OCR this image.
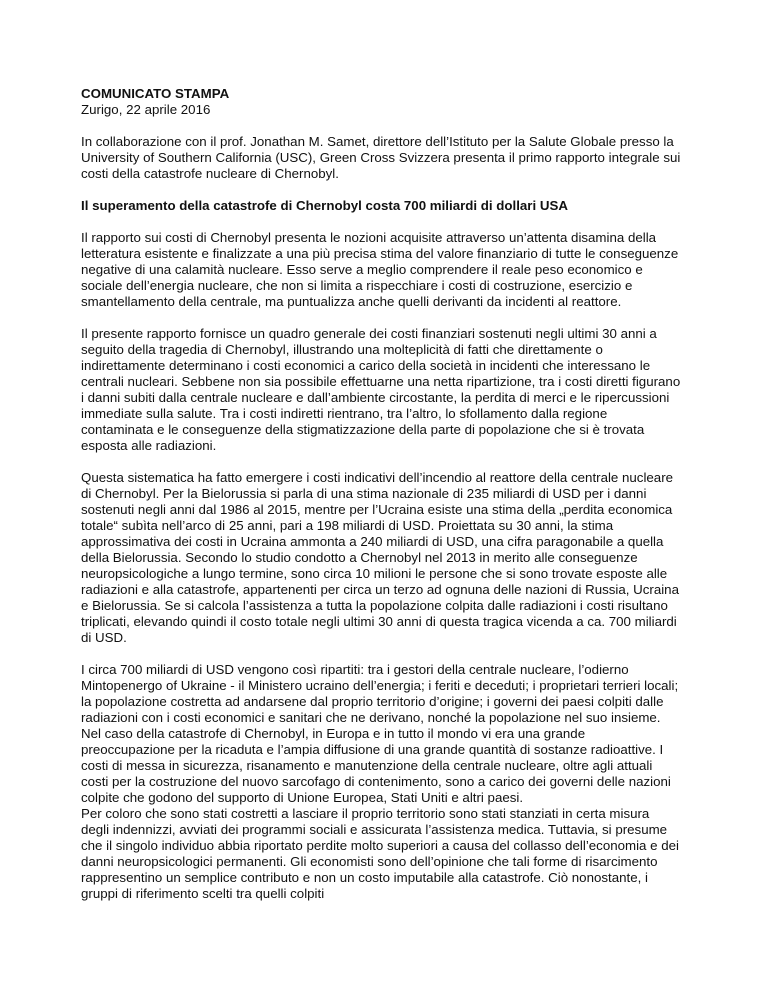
COMUNICATO STAMPA

Zurigo, 22 aprile 2016

In collaborazione con il prof. Jonathan M. Samet, direttore dell’Istituto per la Salute Globale presso la University of Southern California (USC), Green Cross Svizzera presenta il primo rapporto integrale sui costi della catastrofe nucleare di Chernobyl.

Il superamento della catastrofe di Chernobyl costa 700 miliardi di dollari USA

Il rapporto sui costi di Chernobyl presenta le nozioni acquisite attraverso un’attenta disamina della letteratura esistente e finalizzate a una più precisa stima del valore finanziario di tutte le conseguenze negative di una calamità nucleare. Esso serve a meglio comprendere il reale peso economico e sociale dell’energia nucleare, che non si limita a rispecchiare i costi di costruzione, esercizio e smantellamento della centrale, ma puntualizza anche quelli derivanti da incidenti al reattore.

Il presente rapporto fornisce un quadro generale dei costi finanziari sostenuti negli ultimi 30 anni a seguito della tragedia di Chernobyl, illustrando una molteplicità di fatti che direttamente o indirettamente determinano i costi economici a carico della società in incidenti che interessano le centrali nucleari. Sebbene non sia possibile effettuarne una netta ripartizione, tra i costi diretti figurano i danni subiti dalla centrale nucleare e dall’ambiente circostante, la perdita di merci e le ripercussioni immediate sulla salute. Tra i costi indiretti rientrano, tra l’altro, lo sfollamento dalla regione contaminata e le conseguenze della stigmatizzazione della parte di popolazione che si è trovata esposta alle radiazioni.

Questa sistematica ha fatto emergere i costi indicativi dell’incendio al reattore della centrale nucleare di Chernobyl. Per la Bielorussia si parla di una stima nazionale di 235 miliardi di USD per i danni sostenuti negli anni dal 1986 al 2015, mentre per l’Ucraina esiste una stima della „perdita economica totale“ subìta nell’arco di 25 anni, pari a 198 miliardi di USD. Proiettata su 30 anni, la stima approssimativa dei costi in Ucraina ammonta a 240 miliardi di USD, una cifra paragonabile a quella della Bielorussia. Secondo lo studio condotto a Chernobyl nel 2013 in merito alle conseguenze neuropsicologiche a lungo termine, sono circa 10 milioni le persone che si sono trovate esposte alle radiazioni e alla catastrofe, appartenenti per circa un terzo ad ognuna delle nazioni di Russia, Ucraina e Bielorussia. Se si calcola l’assistenza a tutta la popolazione colpita dalle radiazioni i costi risultano triplicati, elevando quindi il costo totale negli ultimi 30 anni di questa tragica vicenda a ca. 700 miliardi di USD.

I circa 700 miliardi di USD vengono così ripartiti: tra i gestori della centrale nucleare, l’odierno Mintopenergo of Ukraine - il Ministero ucraino dell’energia; i feriti e deceduti; i proprietari terrieri locali; la popolazione costretta ad andarsene dal proprio territorio d’origine; i governi dei paesi colpiti dalle radiazioni con i costi economici e sanitari che ne derivano, nonché la popolazione nel suo insieme. Nel caso della catastrofe di Chernobyl, in Europa e in tutto il mondo vi era una grande preoccupazione per la ricaduta e l’ampia diffusione di una grande quantità di sostanze radioattive. I costi di messa in sicurezza, risanamento e manutenzione della centrale nucleare, oltre agli attuali costi per la costruzione del nuovo sarcofago di contenimento, sono a carico dei governi delle nazioni colpite che godono del supporto di Unione Europea, Stati Uniti e altri paesi.

Per coloro che sono stati costretti a lasciare il proprio territorio sono stati stanziati in certa misura degli indennizzi, avviati dei programmi sociali e assicurata l’assistenza medica. Tuttavia, si presume che il singolo individuo abbia riportato perdite molto superiori a causa del collasso dell’economia e dei danni neuropsicologici permanenti. Gli economisti sono dell’opinione che tali forme di risarcimento rappresentino un semplice contributo e non un costo imputabile alla catastrofe. Ciò nonostante, i gruppi di riferimento scelti tra quelli colpiti
